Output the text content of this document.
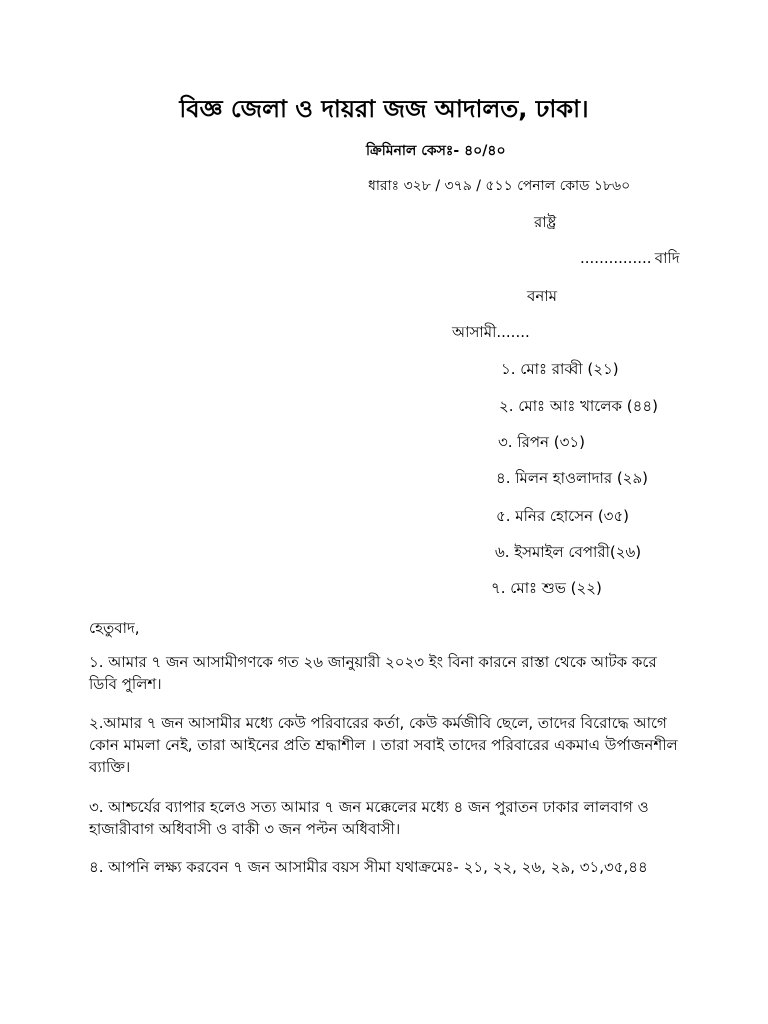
বিজ্ঞ জেলা ও দায়রা জজ আদালত, ঢাকা।
ক্রিমিনাল কেসঃ- ৪০/৪০
ধারাঃ ৩২৮ / ৩৭৯ / ৫১১ পেনাল কোড ১৮৬০
রাষ্ট্র
............... বাদি
বনাম
আসামী.......
১. মোঃ রাব্বী (২১)
২. মোঃ আঃ খালেক (৪৪)
৩. রিপন (৩১)
৪. মিলন হাওলাদার (২৯)
৫. মনির হোসেন (৩৫)
৬. ইসমাইল বেপারী(২৬)
৭. মোঃ শুভ (২২)

হেতুবাদ,

১. আমার ৭ জন আসামীগণকে গত ২৬ জানুয়ারী ২০২৩ ইং বিনা কারনে রাস্তা থেকে আটক করে ডিবি পুলিশ।

২.আমার ৭ জন আসামীর মধ্যে কেউ পরিবারের কর্তা, কেউ কর্মজীবি ছেলে, তাদের বিরোদ্ধে আগে কোন মামলা নেই, তারা আইনের প্রতি শ্রদ্ধাশীল । তারা সবাই তাদের পরিবারের একমাএ উর্পাজনশীল ব্যাক্তি।

৩. আশ্চর্যের ব্যাপার হলেও সত্য আমার ৭ জন মক্কেলের মধ্যে ৪ জন পুরাতন ঢাকার লালবাগ ও হাজারীবাগ অধিবাসী ও বাকী ৩ জন পল্টন অধিবাসী।

৪. আপনি লক্ষ্য করবেন ৭ জন আসামীর বয়স সীমা যথাক্রমেঃ- ২১, ২২, ২৬, ২৯, ৩১,৩৫,৪৪
